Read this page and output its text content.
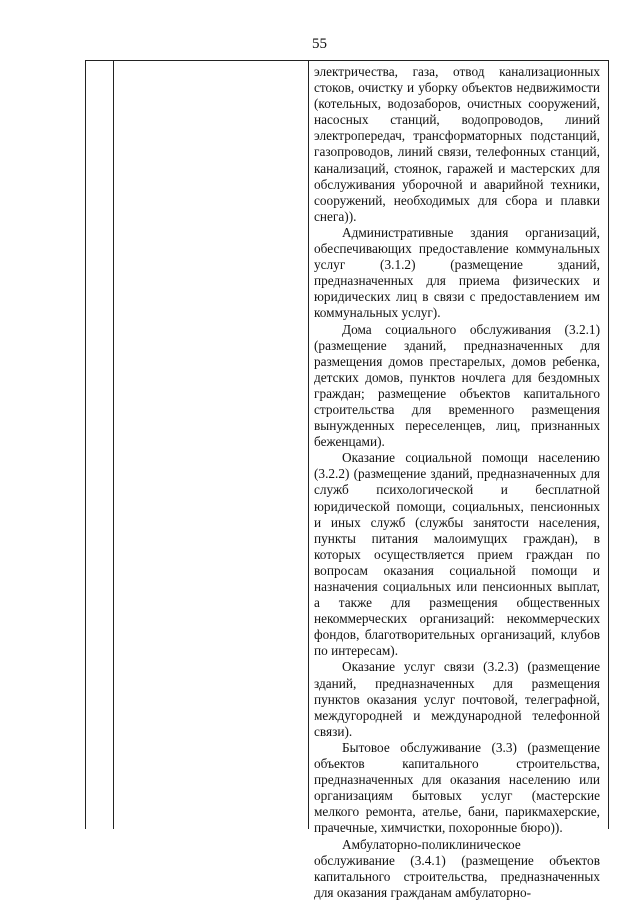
55

электричества, газа, отвод канализационных стоков, очистку и уборку объектов недвижимости (котельных, водозаборов, очистных сооружений, насосных станций, водопроводов, линий электропередач, трансформаторных подстанций, газопроводов, линий связи, телефонных станций, канализаций, стоянок, гаражей и мастерских для обслуживания уборочной и аварийной техники, сооружений, необходимых для сбора и плавки снега)).

Административные здания организаций, обеспечивающих предоставление коммунальных услуг (3.1.2) (размещение зданий, предназначенных для приема физических и юридических лиц в связи с предоставлением им коммунальных услуг).

Дома социального обслуживания (3.2.1) (размещение зданий, предназначенных для размещения домов престарелых, домов ребенка, детских домов, пунктов ночлега для бездомных граждан; размещение объектов капитального строительства для временного размещения вынужденных переселенцев, лиц, признанных беженцами).

Оказание социальной помощи населению (3.2.2) (размещение зданий, предназначенных для служб психологической и бесплатной юридической помощи, социальных, пенсионных и иных служб (службы занятости населения, пункты питания малоимущих граждан), в которых осуществляется прием граждан по вопросам оказания социальной помощи и назначения социальных или пенсионных выплат, а также для размещения общественных некоммерческих организаций: некоммерческих фондов, благотворительных организаций, клубов по интересам).

Оказание услуг связи (3.2.3) (размещение зданий, предназначенных для размещения пунктов оказания услуг почтовой, телеграфной, междугородней и международной телефонной связи).

Бытовое обслуживание (3.3) (размещение объектов капитального строительства, предназначенных для оказания населению или организациям бытовых услуг (мастерские мелкого ремонта, ателье, бани, парикмахерские, прачечные, химчистки, похоронные бюро)).

Амбулаторно-поликлиническое обслуживание (3.4.1) (размещение объектов капитального строительства, предназначенных для оказания гражданам амбулаторно-
